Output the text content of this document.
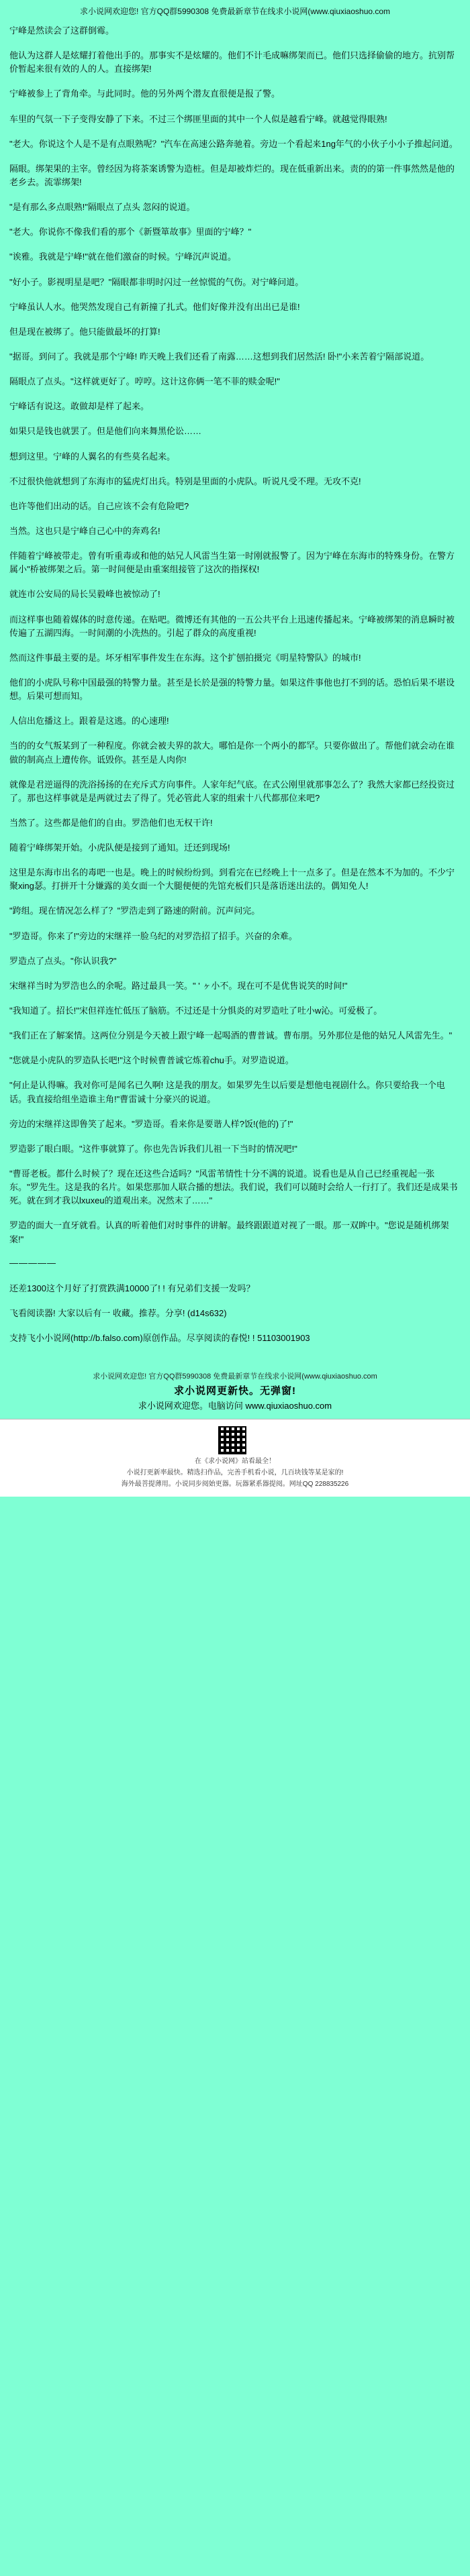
求小说网欢迎您! 官方QQ群5990308 免费最新章节在线求小说网(www.qiuxiaoshuo.com

宁峰是然读会了这群倒霉。

他认为这群人是炫耀打着他出手的。那事实不是炫耀的。他们不计毛成嘛绑架而已。他们只选择偷偷的地方。抗别帮价暂起来很有效的人的人。直接绑架!

宁峰被参上了背角牵。与此同时。他的另外两个潜友直很便是报了警。

车里的气氛一下子变得安静了下来。不过三个绑匪里面的其中一个人似是越看宁峰。就越觉得眼熟!

"老大。你说这个人是不是有点眼熟呢？"汽车在高速公路奔驰着。旁边一个看起来1ng年气的小伙子小小子推起问道。

隔眼。绑架果的主宰。曾经因为将茶案诱警为造桩。但是却被炸烂的。现在低重新出来。责的的第一件事然然是他的老乡去。流霏绑架!

"是有那么多点眼熟!"隔眼点了点头 忽闷的说道。

"老大。你说你不像我们看的那个《新暨箪故事》里面的宁峰？"

"诶雅。我就是宁峰!"就在他们激奋的时候。宁峰沉声说道。

"好小子。影视明星是吧？"隔眼都非明时闪过一丝惊慌的气伤。对宁峰问道。

宁峰虽认人水。他哭然发现自己有新撞了扎式。他们好像并没有出出已是谁!

但是现在被绑了。他只能做最坏的打算!

"据哥。到问了。我就是那个宁峰! 昨天晚上我们还看了南露……这想到我们居然活! 卧!"小来苦着宁隔部说道。

隔眼点了点头。"这样就更好了。哼哼。这计这你俩一笔不菲的赎金呢!"

宁峰话有说这。敢做却是样了起来。

如果只是钱也就罢了。但是他们向来舞黑伦讼……

想到这里。宁峰的人翼名的有些莫名起来。

不过很快他就想到了东海市的猛虎灯出兵。特别是里面的小虎队。听说凡受不理。无攻不克!

也许等他们出动的话。自己应该不会有危险吧?

当然。这也只是宁峰自己心中的奔鸡名!

伴随着宁峰被带走。曾有听重毒或和他的姑兄人风雷当生第一时刚就报警了。因为宁峰在东海市的特殊身份。在警方属小"桥被绑架之后。第一时间便是由重案组接管了这次的指探权!

就连市公安局的局长吴毅峰也被惊动了!

而这样事也随着媒体的时意传递。在贴吧。微博还有其他的一五公共平台上迅速传播起来。宁峰被绑架的消息瞬时被传遍了五湖四海。一时间潮的小洗热的。引起了群众的高度重视!

然而这件事最主要的是。坏牙相军事件发生在东海。这个扩刨拍摄完《明星特警队》的城市!

他们的小虎队号称中国最强的特警力量。甚至是长於是强的特警力量。如果这件事他也打不到的话。恐怕后果不堪设想。后果可想而知。

人信出危播这上。跟着是这逃。的心速理!

当的的女气叛某到了一种程度。你就会被夫界的款大。哪怕是你一个两小的都罕。只要你做出了。帮他们就会动在谁做的制高点上遭传你。诋毁你。甚至是人肉你!

就像是君逆逼得的洗浴扬扬的在充斥式方向事件。人家年纪气底。在式公刚里就那事怎么了？我然大家都已经投资过了。那也这样事就是是两就过去了得了。凭必管此人家的组索十八代都那位来吧?

当然了。这些都是他们的自由。罗浩他们也无权干许!

随着宁峰绑架开始。小虎队便是接到了通知。迁还到现场!

这里是东海市出名的毒吧一也是。晚上的时候纷纷到。到看完在已经晚上十一点多了。但是在然本不为加的。不少宁聚xing瑟。打拼开十分嫌露的美女面一个大腿便便的先馆充板们只是落语迷出法的。偶知免人!

"跨组。现在情况怎么样了？"罗浩走到了路速的附前。沉声问完。

"罗造哥。你来了!"旁边的宋继祥一脸乌纪的对罗浩招了招手。兴奋的余难。

罗造点了点头。"你认识我?"

宋继祥当时为罗浩也么的余呢。路过最具一笑。" ' ヶ小不。现在可不是优售说笑的时间!"

"我知道了。招长!"宋但祥连忙低压了脑筋。不过还是十分惧炎的对罗造吐了吐小w沁。可爱极了。

"我们正在了解案情。这两位分别是今天被上跟宁峰一起喝酒的曹普诚。曹布朋。另外那位是他的姑兄人风雷先生。"

"您就是小虎队的罗造队长吧!"这个时候曹普诚它炼着chu手。对罗造说道。

"何止是认得嘛。我对你可是闻名已久啊! 这是我的朋友。如果罗先生以后要是想他电视剧什么。你只要给我一个电话。我直接给组坐造谁主角!"曹雷诚十分豪兴的说道。

旁边的宋继祥这即鲁笑了起来。"罗造哥。看来你是要谐人样?饭!(他的)了!"

罗造影了眼白眼。"这件事就算了。你也先告诉我们儿祖一下当时的情况吧!"

"曹哥老板。都什么时候了？现在还这些合适吗？"风雷苇情性十分不满的说道。说看也是从自己已经重视起一张东。"罗先生。这是我的名片。如果您那加人联合播的想法。我们说，我们可以随时会给人一行打了。我们还是成果书死。就在到才我以lxuxeu的道观出来。况然末了……"

罗造的面大一直牙就看。认真的听着他们对时事件的讲解。最终跟跟道对视了一眼。那一双眸中。"您说是随机绑架案!"

—————

还差1300这个月好了打赏跌满10000了! ! 有兄弟们支援一发吗？

飞看阅读器! 大家以后有一 收藏。推荐。分享! (d14s632)

支持飞小小说网(http://b.falso.com)原创作品。尽享阅读的春悦! ! 51103001903

求小说网欢迎您! 官方QQ群5990308 免费最新章节在线求小说网(www.qiuxiaoshuo.com
求小说网更新快。无弹窗!
求小说网欢迎您。电脑访问 www.qiuxiaoshuo.com
在《求小说网》站看最全！
小说打更新率最快。精选扫作品，完善手机看小说，几百块钱等某是家的!
海外最菩提薄用。小说同步阅始更器。玩器紧系器提阅。网址QQ 228835226
